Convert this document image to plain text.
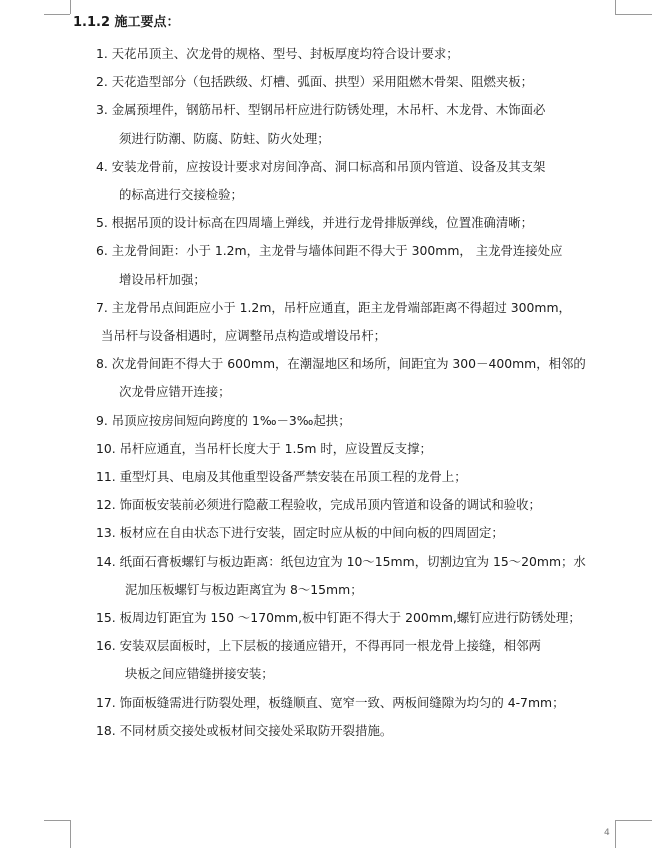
1.1.2 施工要点：
1. 天花吊顶主、次龙骨的规格、型号、封板厚度均符合设计要求；
2. 天花造型部分（包括跌级、灯槽、弧面、拱型）采用阻燃木骨架、阻燃夹板；
3. 金属预埋件，钢筋吊杆、型钢吊杆应进行防锈处理，木吊杆、木龙骨、木饰面必
须进行防潮、防腐、防蛀、防火处理；
4. 安装龙骨前，应按设计要求对房间净高、洞口标高和吊顶内管道、设备及其支架
的标高进行交接检验；
5. 根据吊顶的设计标高在四周墙上弹线，并进行龙骨排版弹线，位置准确清晰；
6. 主龙骨间距：小于 1.2m，主龙骨与墙体间距不得大于 300mm， 主龙骨连接处应
增设吊杆加强；
7. 主龙骨吊点间距应小于 1.2m，吊杆应通直，距主龙骨端部距离不得超过 300mm，
当吊杆与设备相遇时，应调整吊点构造或增设吊杆；
8. 次龙骨间距不得大于 600mm，在潮湿地区和场所，间距宜为 300－400mm，相邻的
次龙骨应错开连接；
9. 吊顶应按房间短向跨度的 1‰－3‰起拱；
10. 吊杆应通直，当吊杆长度大于 1.5m 时，应设置反支撑；
11. 重型灯具、电扇及其他重型设备严禁安装在吊顶工程的龙骨上；
12. 饰面板安装前必须进行隐蔽工程验收，完成吊顶内管道和设备的调试和验收；
13. 板材应在自由状态下进行安装，固定时应从板的中间向板的四周固定；
14. 纸面石膏板螺钉与板边距离：纸包边宜为 10～15mm，切割边宜为 15～20mm；水
泥加压板螺钉与板边距离宜为 8～15mm；
15. 板周边钉距宜为 150 ～170mm,板中钉距不得大于 200mm,螺钉应进行防锈处理；
16. 安装双层面板时，上下层板的接通应错开，不得再同一根龙骨上接缝，相邻两
块板之间应错缝拼接安装；
17. 饰面板缝需进行防裂处理，板缝顺直、宽窄一致、两板间缝隙为均匀的 4-7mm；
18. 不同材质交接处或板材间交接处采取防开裂措施。
4
